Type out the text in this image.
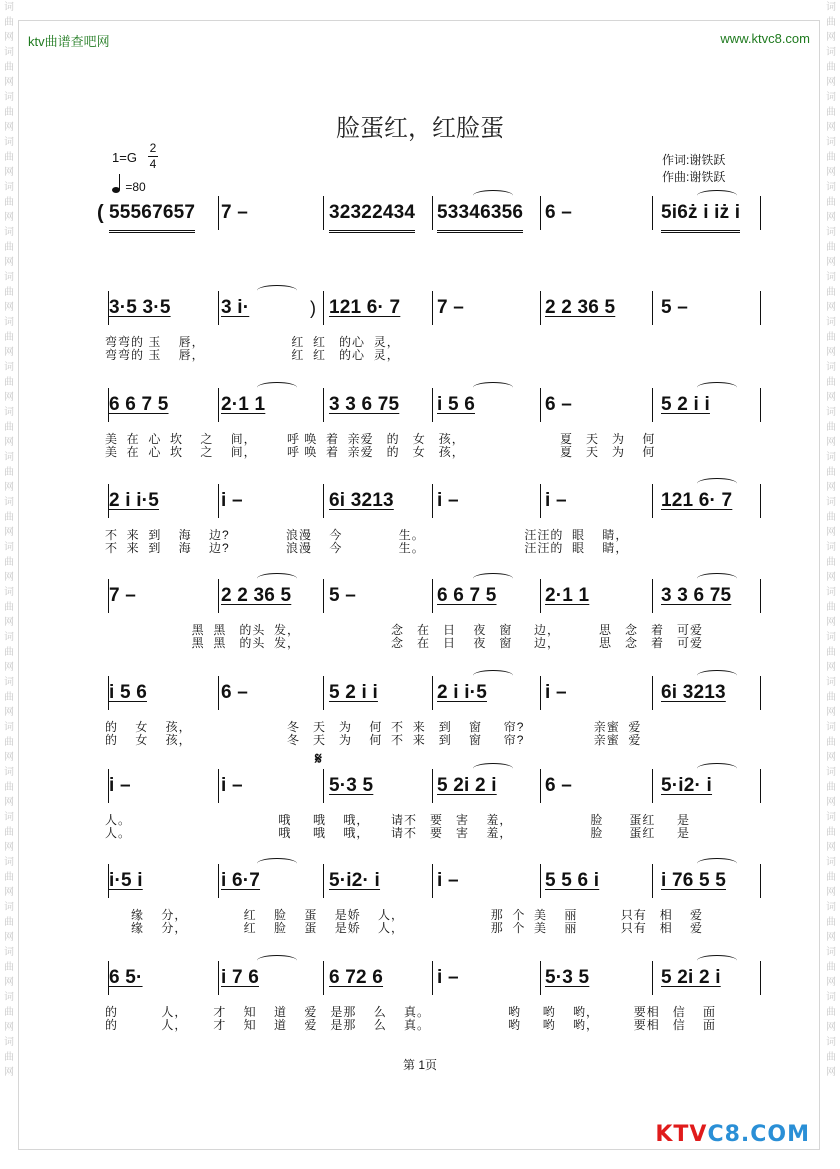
词曲网词曲网词曲网词曲网词曲网词曲网词曲网词曲网词曲网词曲网词曲网词曲网词曲网词曲网词曲网词曲网词曲网词曲网词曲网词曲网词曲网词曲网词曲网词曲网
词曲网词曲网词曲网词曲网词曲网词曲网词曲网词曲网词曲网词曲网词曲网词曲网词曲网词曲网词曲网词曲网词曲网词曲网词曲网词曲网词曲网词曲网词曲网词曲网
ktv曲谱查吧网	www.ktvc8.com
脸蛋红，红脸蛋
1=G
2
4
=80
作词:谢铁跃
作曲:谢铁跃
( 55567657 7 –	32322434 53346356 6 –	5i6ż i iż i
3·5 3·5	3 i·	121 6· 7 7 –	2 2 36 5 5 –
)
弯弯的 玉    唇，                    红  红   的心  灵，
弯弯的 玉    唇，                    红  红   的心  灵，
6 6 7 5	2·1 1	3 3 6 75 i 5 6	6 –	5 2 i i
美  在  心  坎    之    间，       呼 唤  着  亲爱   的   女   孩，                      夏   天   为    何
美  在  心  坎    之    间，       呼 唤  着  亲爱   的   女   孩，                      夏   天   为    何
2 i i·5	i –	6i 3213 i –	i –	121 6· 7
不  来  到    海    边?             浪漫    今             生。                       汪汪的  眼    睛，
不  来  到    海    边?             浪漫    今             生。                       汪汪的  眼    睛，
7 –	2 2 36 5 5 –	6 6 7 5	2·1 1	3 3 6 75
黑  黑   的头  发，                     念   在   日    夜   窗     边，         思   念   着   可爱
黑  黑   的头  发，                     念   在   日    夜   窗     边，         思   念   着   可爱
i 5 6	6 –	5 2 i i	2 i i·5	i –	6i 3213
的    女    孩，                      冬   天   为    何  不  来   到    窗     帘?                亲蜜  爱
的    女    孩，                      冬   天   为    何  不  来   到    窗     帘?                亲蜜  爱
i –	i –	5·3 5	5 2i 2 i	6 –	5·i2· i
𝄋
人。                                  哦     哦    哦，     请不   要   害    羞，                  脸      蛋红     是
人。                                  哦     哦    哦，     请不   要   害    羞，                  脸      蛋红     是
i·5 i	i 6·7	5·i2· i	i –	5 5 6 i	i 76 5 5
缘    分，             红    脸    蛋    是娇    人，                    那  个  美    丽          只有   相    爱
缘    分，             红    脸    蛋    是娇    人，                    那  个  美    丽          只有   相    爱
6 5·	i 7 6	6 72 6	i –	5·3 5	5 2i 2 i
的          人，      才    知    道    爱   是那    么    真。                  哟     哟    哟，        要相   信    面
的          人，      才    知    道    爱   是那    么    真。                  哟     哟    哟，        要相   信    面
第 1页
KTVC8.COM
